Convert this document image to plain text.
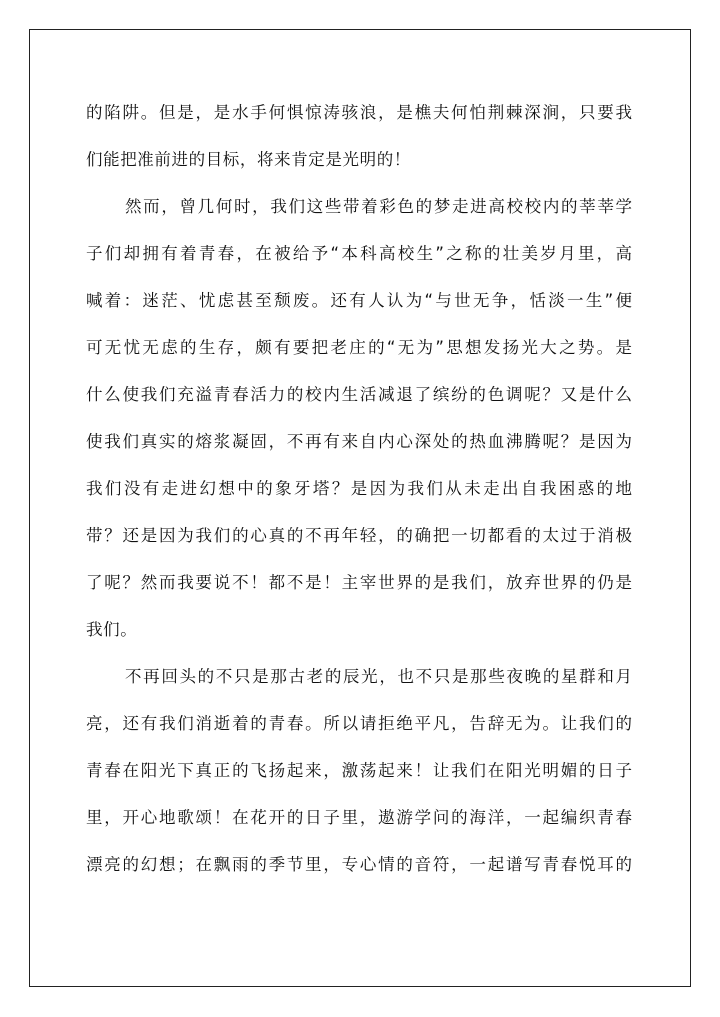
的陷阱。但是，是水手何惧惊涛骇浪，是樵夫何怕荆棘深涧，只要我
们能把准前进的目标，将来肯定是光明的！
然而，曾几何时，我们这些带着彩色的梦走进高校校内的莘莘学
子们却拥有着青春，在被给予“本科高校生”之称的壮美岁月里，高
喊着：迷茫、忧虑甚至颓废。还有人认为“与世无争，恬淡一生”便
可无忧无虑的生存，颇有要把老庄的“无为”思想发扬光大之势。是
什么使我们充溢青春活力的校内生活减退了缤纷的色调呢？又是什么
使我们真实的熔浆凝固，不再有来自内心深处的热血沸腾呢？是因为
我们没有走进幻想中的象牙塔？是因为我们从未走出自我困惑的地
带？还是因为我们的心真的不再年轻，的确把一切都看的太过于消极
了呢？然而我要说不！都不是！主宰世界的是我们，放弃世界的仍是
我们。
不再回头的不只是那古老的辰光，也不只是那些夜晚的星群和月
亮，还有我们消逝着的青春。所以请拒绝平凡，告辞无为。让我们的
青春在阳光下真正的飞扬起来，激荡起来！让我们在阳光明媚的日子
里，开心地歌颂！在花开的日子里，遨游学问的海洋，一起编织青春
漂亮的幻想；在飘雨的季节里，专心情的音符，一起谱写青春悦耳的
